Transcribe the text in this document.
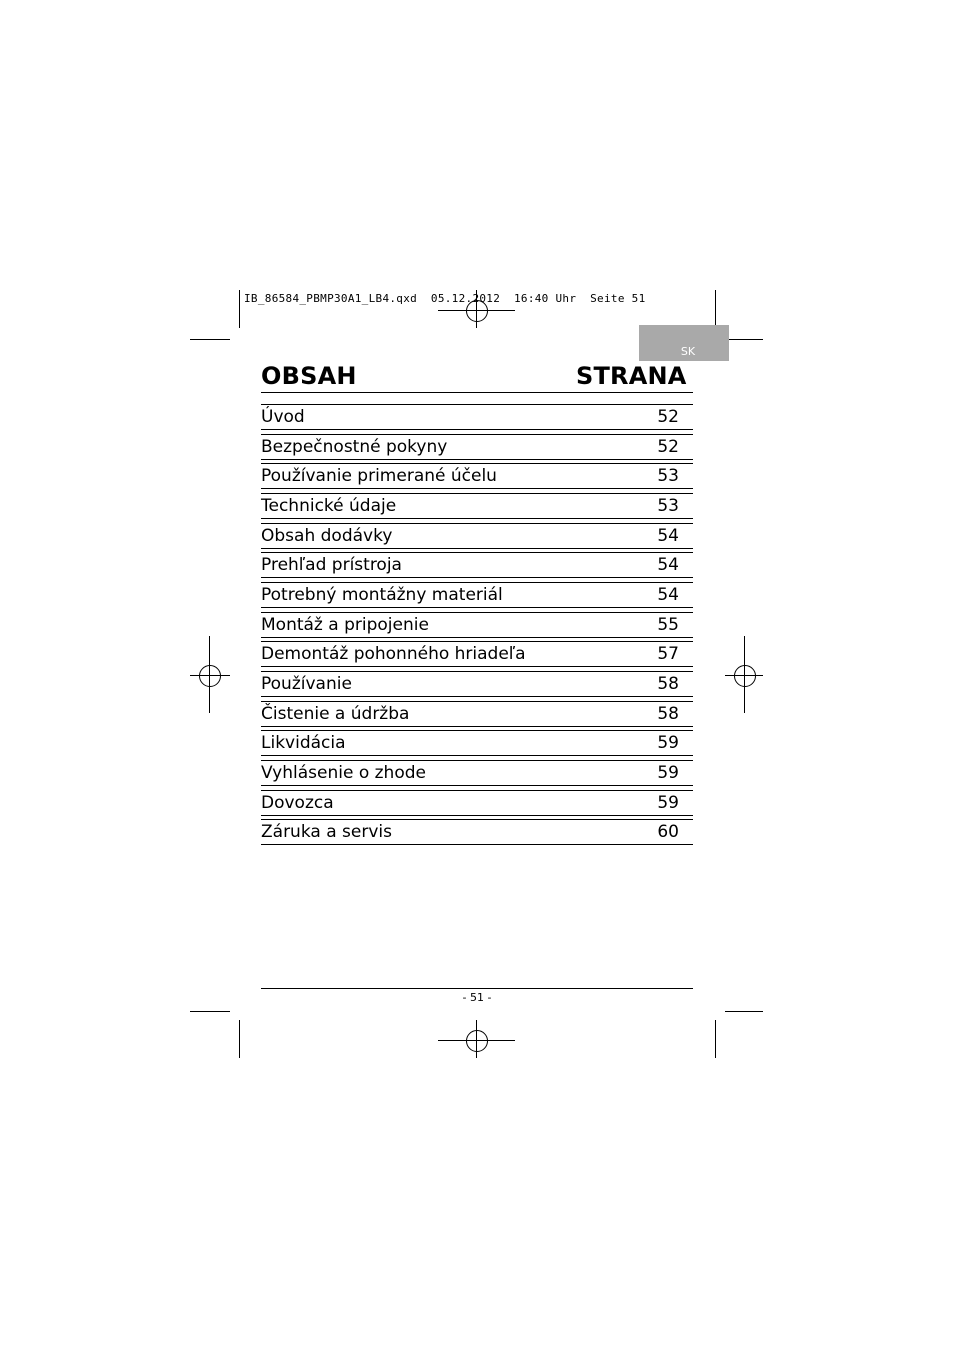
IB_86584_PBMP30A1_LB4.qxd  05.12.2012  16:40 Uhr  Seite 51
SK
OBSAH	STRANA
Úvod	52
Bezpečnostné pokyny	52
Používanie primerané účelu	53
Technické údaje	53
Obsah dodávky	54
Prehľad prístroja	54
Potrebný montážny materiál	54
Montáž a pripojenie	55
Demontáž pohonného hriadeľa	57
Používanie	58
Čistenie a údržba	58
Likvidácia	59
Vyhlásenie o zhode	59
Dovozca	59
Záruka a servis	60
- 51 -
